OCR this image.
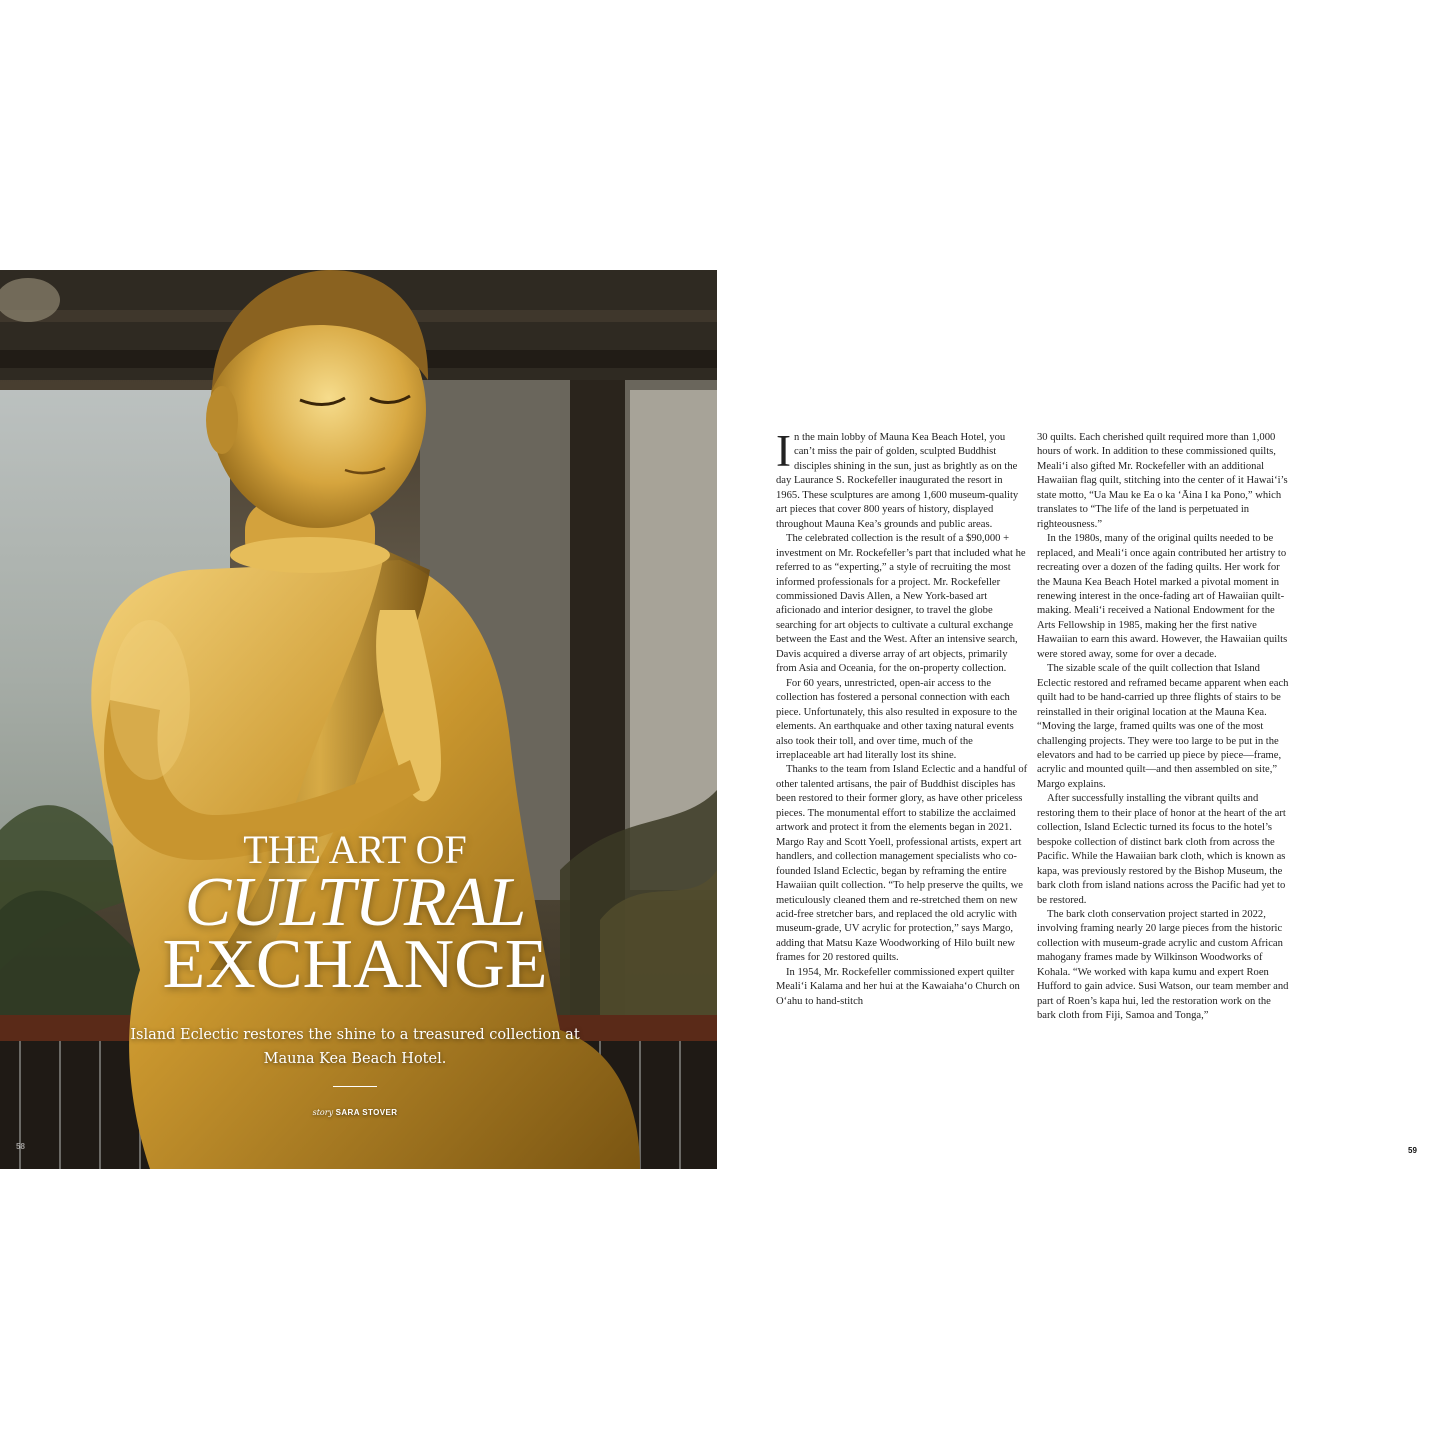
THE ART OF
CULTURAL
EXCHANGE
Island Eclectic restores the shine to a treasured collection at Mauna Kea Beach Hotel.
story SARA STOVER
58

In the main lobby of Mauna Kea Beach Hotel, you can’t miss the pair of golden, sculpted Buddhist disciples shining in the sun, just as brightly as on the day Laurance S. Rockefeller inaugurated the resort in 1965. These sculptures are among 1,600 museum-quality art pieces that cover 800 years of history, displayed throughout Mauna Kea’s grounds and public areas.

The celebrated collection is the result of a $90,000 + investment on Mr. Rockefeller’s part that included what he referred to as “experting,” a style of recruiting the most informed professionals for a project. Mr. Rockefeller commissioned Davis Allen, a New York-based art aficionado and interior designer, to travel the globe searching for art objects to cultivate a cultural exchange between the East and the West. After an intensive search, Davis acquired a diverse array of art objects, primarily from Asia and Oceania, for the on-property collection.

For 60 years, unrestricted, open-air access to the collection has fostered a personal connection with each piece. Unfortunately, this also resulted in exposure to the elements. An earthquake and other taxing natural events also took their toll, and over time, much of the irreplaceable art had literally lost its shine.

Thanks to the team from Island Eclectic and a handful of other talented artisans, the pair of Buddhist disciples has been restored to their former glory, as have other priceless pieces. The monumental effort to stabilize the acclaimed artwork and protect it from the elements began in 2021. Margo Ray and Scott Yoell, professional artists, expert art handlers, and collection management specialists who co-founded Island Eclectic, began by reframing the entire Hawaiian quilt collection. “To help preserve the quilts, we meticulously cleaned them and re-stretched them on new acid-free stretcher bars, and replaced the old acrylic with museum-grade, UV acrylic for protection,” says Margo, adding that Matsu Kaze Woodworking of Hilo built new frames for 20 restored quilts.

In 1954, Mr. Rockefeller commissioned expert quilter Meali‘i Kalama and her hui at the Kawaiaha‘o Church on O‘ahu to hand-stitch

30 quilts. Each cherished quilt required more than 1,000 hours of work. In addition to these commissioned quilts, Meali‘i also gifted Mr. Rockefeller with an additional Hawaiian flag quilt, stitching into the center of it Hawai‘i’s state motto, “Ua Mau ke Ea o ka ‘Āina I ka Pono,” which translates to “The life of the land is perpetuated in righteousness.”

In the 1980s, many of the original quilts needed to be replaced, and Meali‘i once again contributed her artistry to recreating over a dozen of the fading quilts. Her work for the Mauna Kea Beach Hotel marked a pivotal moment in renewing interest in the once-fading art of Hawaiian quilt-making. Meali‘i received a National Endowment for the Arts Fellowship in 1985, making her the first native Hawaiian to earn this award. However, the Hawaiian quilts were stored away, some for over a decade.

The sizable scale of the quilt collection that Island Eclectic restored and reframed became apparent when each quilt had to be hand-carried up three flights of stairs to be reinstalled in their original location at the Mauna Kea. “Moving the large, framed quilts was one of the most challenging projects. They were too large to be put in the elevators and had to be carried up piece by piece—frame, acrylic and mounted quilt—and then assembled on site,” Margo explains.

After successfully installing the vibrant quilts and restoring them to their place of honor at the heart of the art collection, Island Eclectic turned its focus to the hotel’s bespoke collection of distinct bark cloth from across the Pacific. While the Hawaiian bark cloth, which is known as kapa, was previously restored by the Bishop Museum, the bark cloth from island nations across the Pacific had yet to be restored.

The bark cloth conservation project started in 2022, involving framing nearly 20 large pieces from the historic collection with museum-grade acrylic and custom African mahogany frames made by Wilkinson Woodworks of Kohala. “We worked with kapa kumu and expert Roen Hufford to gain advice. Susi Watson, our team member and part of Roen’s kapa hui, led the restoration work on the bark cloth from Fiji, Samoa and Tonga,”

59
